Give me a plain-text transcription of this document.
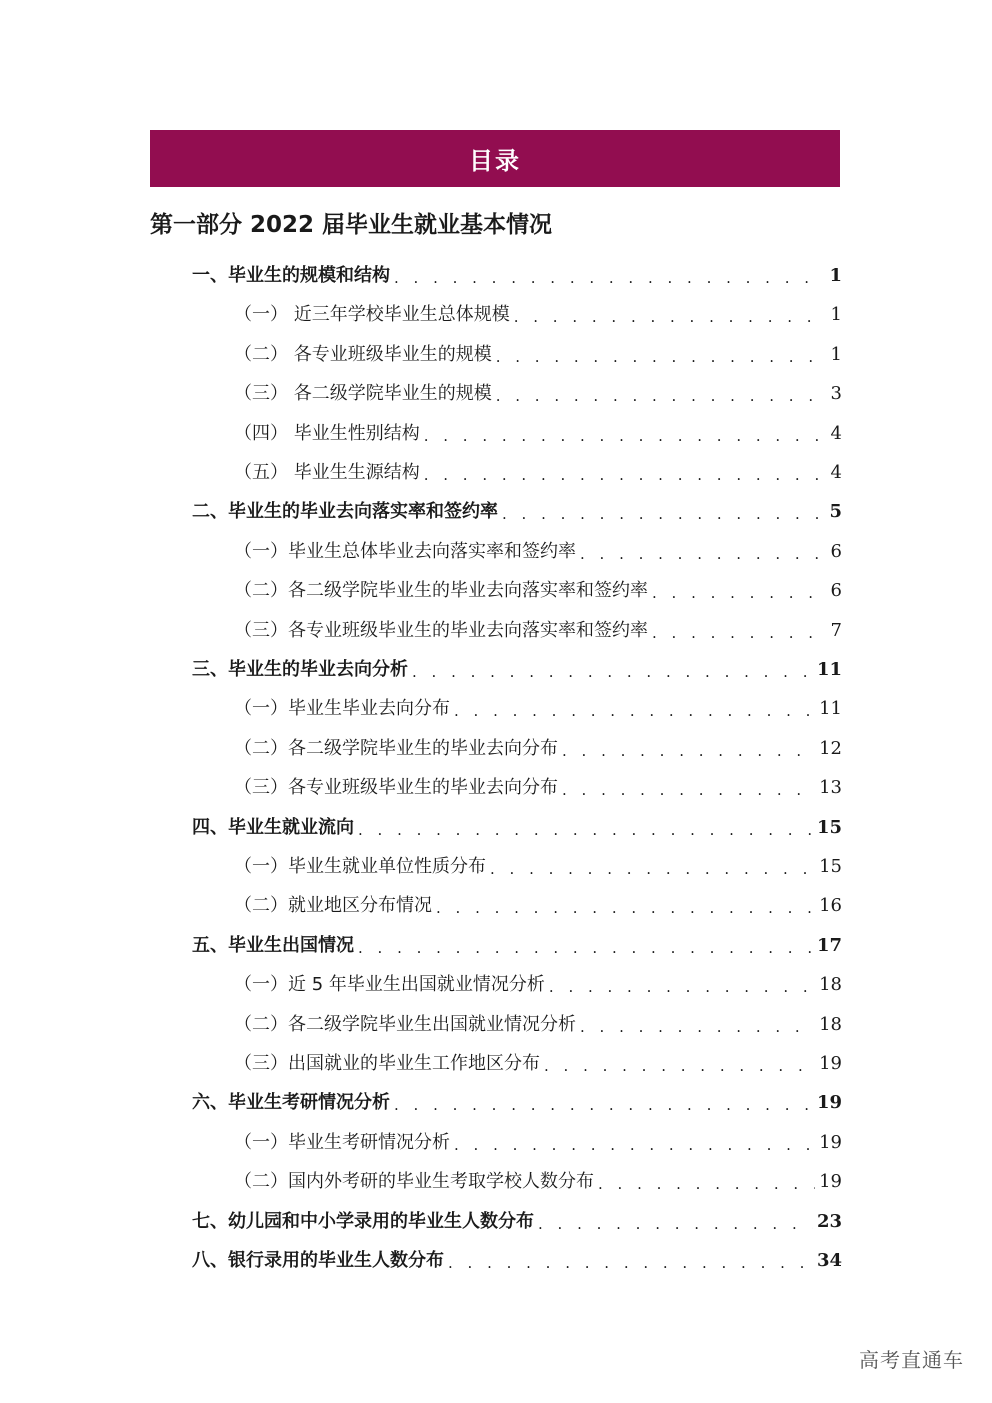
目录
第一部分 2022 届毕业生就业基本情况
一、毕业生的规模和结构 . . .	1
（一） 近三年学校毕业生总体规模 . . .	1
（二） 各专业班级毕业生的规模 . . .	1
（三） 各二级学院毕业生的规模 . . .	3
（四） 毕业生性别结构 . . .	4
（五） 毕业生生源结构 . . .	4
二、毕业生的毕业去向落实率和签约率 . . .	5
（一）毕业生总体毕业去向落实率和签约率 . . .	6
（二）各二级学院毕业生的毕业去向落实率和签约率 . . .	6
（三）各专业班级毕业生的毕业去向落实率和签约率 . . .	7
三、毕业生的毕业去向分析 . . .	11
（一）毕业生毕业去向分布 . . .	11
（二）各二级学院毕业生的毕业去向分布 . . .	12
（三）各专业班级毕业生的毕业去向分布 . . .	13
四、毕业生就业流向 . . .	15
（一）毕业生就业单位性质分布 . . .	15
（二）就业地区分布情况 . . .	16
五、毕业生出国情况 . . .	17
（一）近 5 年毕业生出国就业情况分析 . . .	18
（二）各二级学院毕业生出国就业情况分析 . . .	18
（三）出国就业的毕业生工作地区分布 . . .	19
六、毕业生考研情况分析 . . .	19
（一）毕业生考研情况分析 . . .	19
（二）国内外考研的毕业生考取学校人数分布 . . .	19
七、幼儿园和中小学录用的毕业生人数分布 . . .	23
八、银行录用的毕业生人数分布 . . .	34
高考直通车
